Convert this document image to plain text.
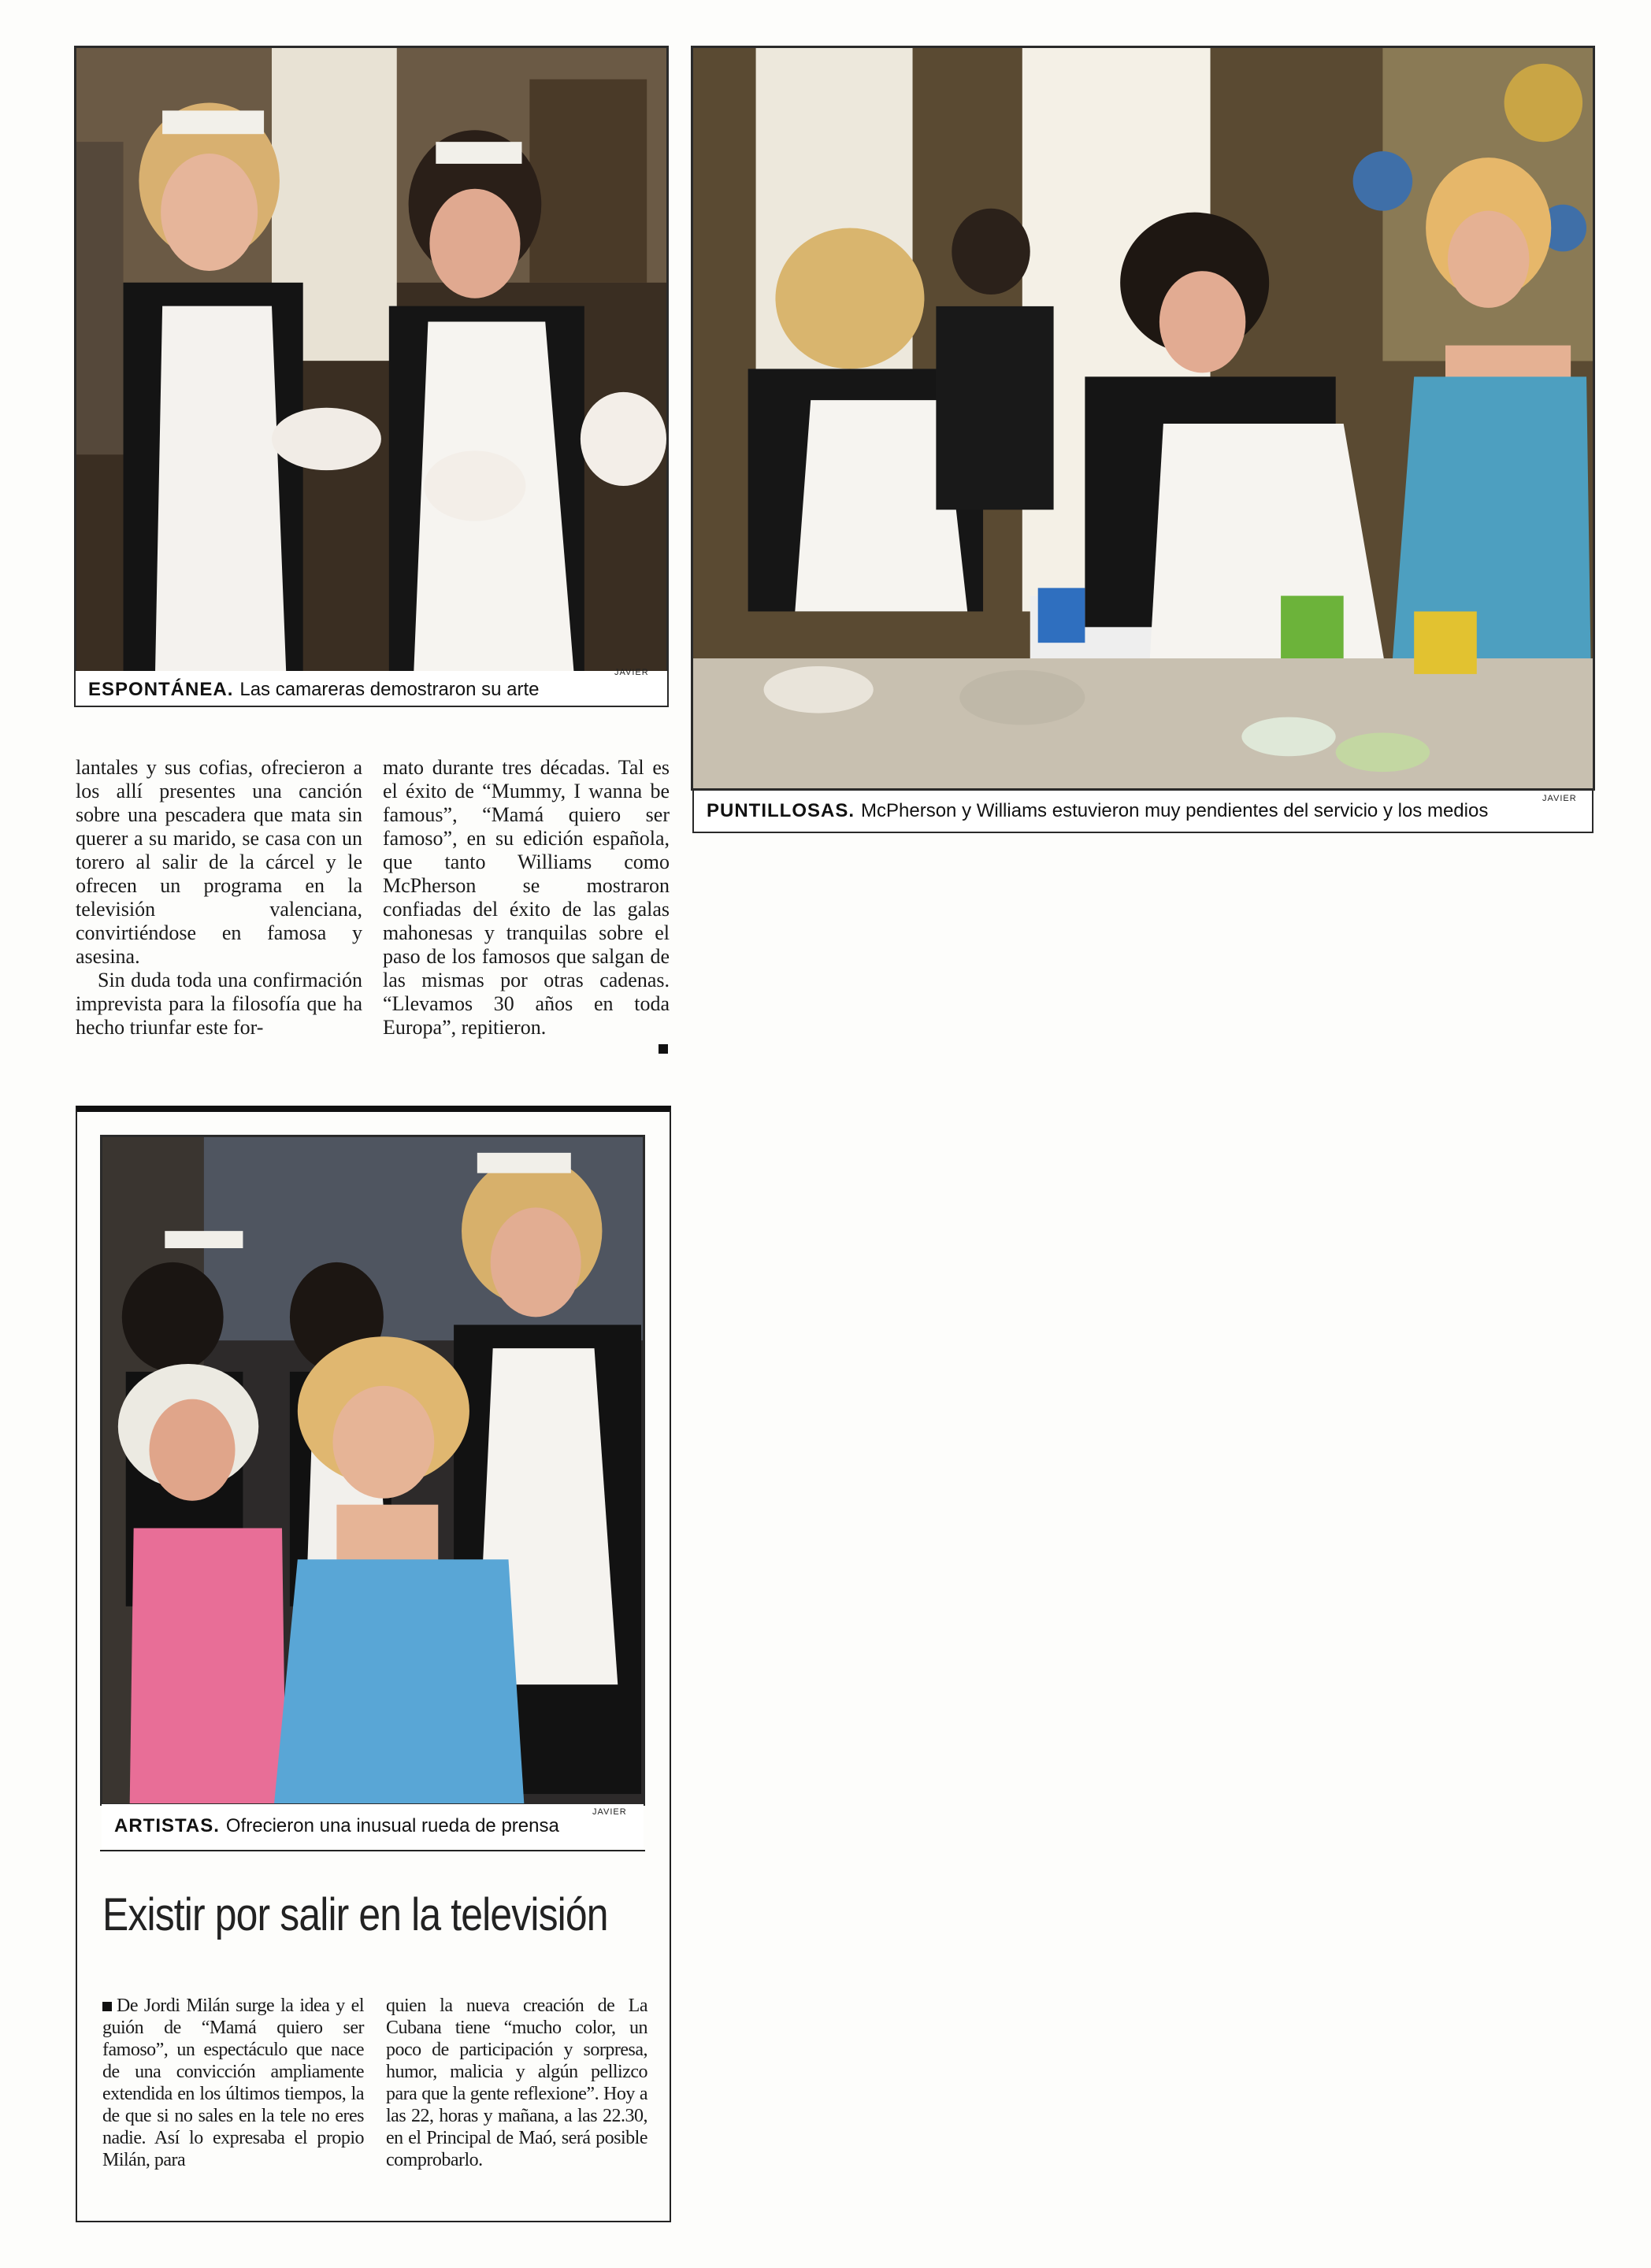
ESPONTÁNEA. Las camareras demostraron su arte
JAVIER
PUNTILLOSAS. McPherson y Williams estuvieron muy pendientes del servicio y los medios
JAVIER

lantales y sus cofias, ofrecieron a los allí presentes una canción sobre una pescadera que mata sin querer a su marido, se casa con un torero al salir de la cárcel y le ofrecen un programa en la televisión valenciana, convirtiéndose en famosa y asesina.

Sin duda toda una confirmación imprevista para la filosofía que ha hecho triunfar este for-

mato durante tres décadas. Tal es el éxito de “Mummy, I wanna be famous”, “Mamá quiero ser famoso”, en su edición española, que tanto Williams como McPherson se mostraron confiadas del éxito de las galas mahonesas y tranquilas sobre el paso de los famosos que salgan de las mismas por otras cadenas. “Llevamos 30 años en toda Europa”, repitieron.

ARTISTAS. Ofrecieron una inusual rueda de prensa
JAVIER
Existir por salir en la televisión
De Jordi Milán surge la idea y el guión de “Mamá quiero ser famoso”, un espectáculo que nace de una convicción ampliamente extendida en los últimos tiempos, la de que si no sales en la tele no eres nadie. Así lo expresaba el propio Milán, para
quien la nueva creación de La Cubana tiene “mucho color, un poco de participación y sorpresa, humor, malicia y algún pellizco para que la gente reflexione”. Hoy a las 22, horas y mañana, a las 22.30, en el Principal de Maó, será posible comprobarlo.
